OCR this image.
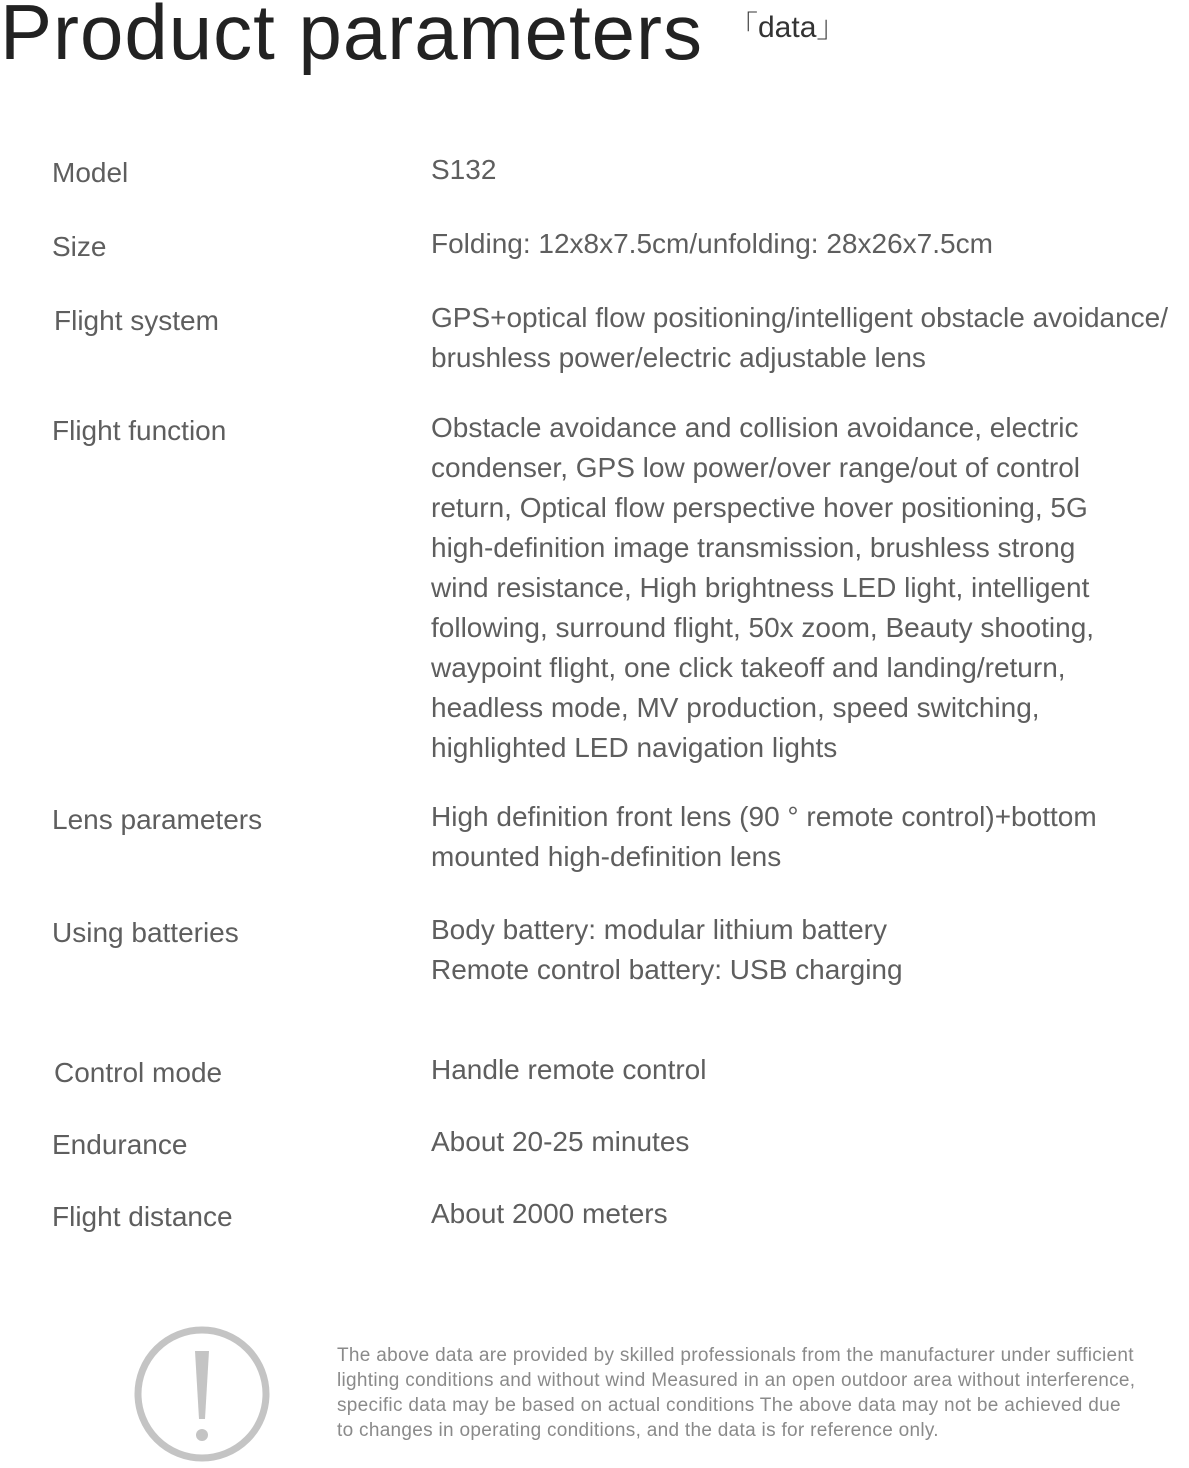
Product parameters 「data」
Model	S132
Size	Folding: 12x8x7.5cm/unfolding: 28x26x7.5cm
Flight system	GPS+optical flow positioning/intelligent obstacle avoidance/
brushless power/electric adjustable lens
Flight function	Obstacle avoidance and collision avoidance, electric
condenser, GPS low power/over range/out of control
return, Optical flow perspective hover positioning, 5G
high-definition image transmission, brushless strong
wind resistance, High brightness LED light, intelligent
following, surround flight, 50x zoom, Beauty shooting,
waypoint flight, one click takeoff and landing/return,
headless mode, MV production, speed switching,
highlighted LED navigation lights
Lens parameters	High definition front lens (90 ° remote control)+bottom
mounted high-definition lens
Using batteries	Body battery: modular lithium battery
Remote control battery: USB charging
Control mode	Handle remote control
Endurance	About 20-25 minutes
Flight distance	About 2000 meters
The above data are provided by skilled professionals from the manufacturer under sufficient
lighting conditions and without wind Measured in an open outdoor area without interference,
specific data may be based on actual conditions The above data may not be achieved due
to changes in operating conditions, and the data is for reference only.
